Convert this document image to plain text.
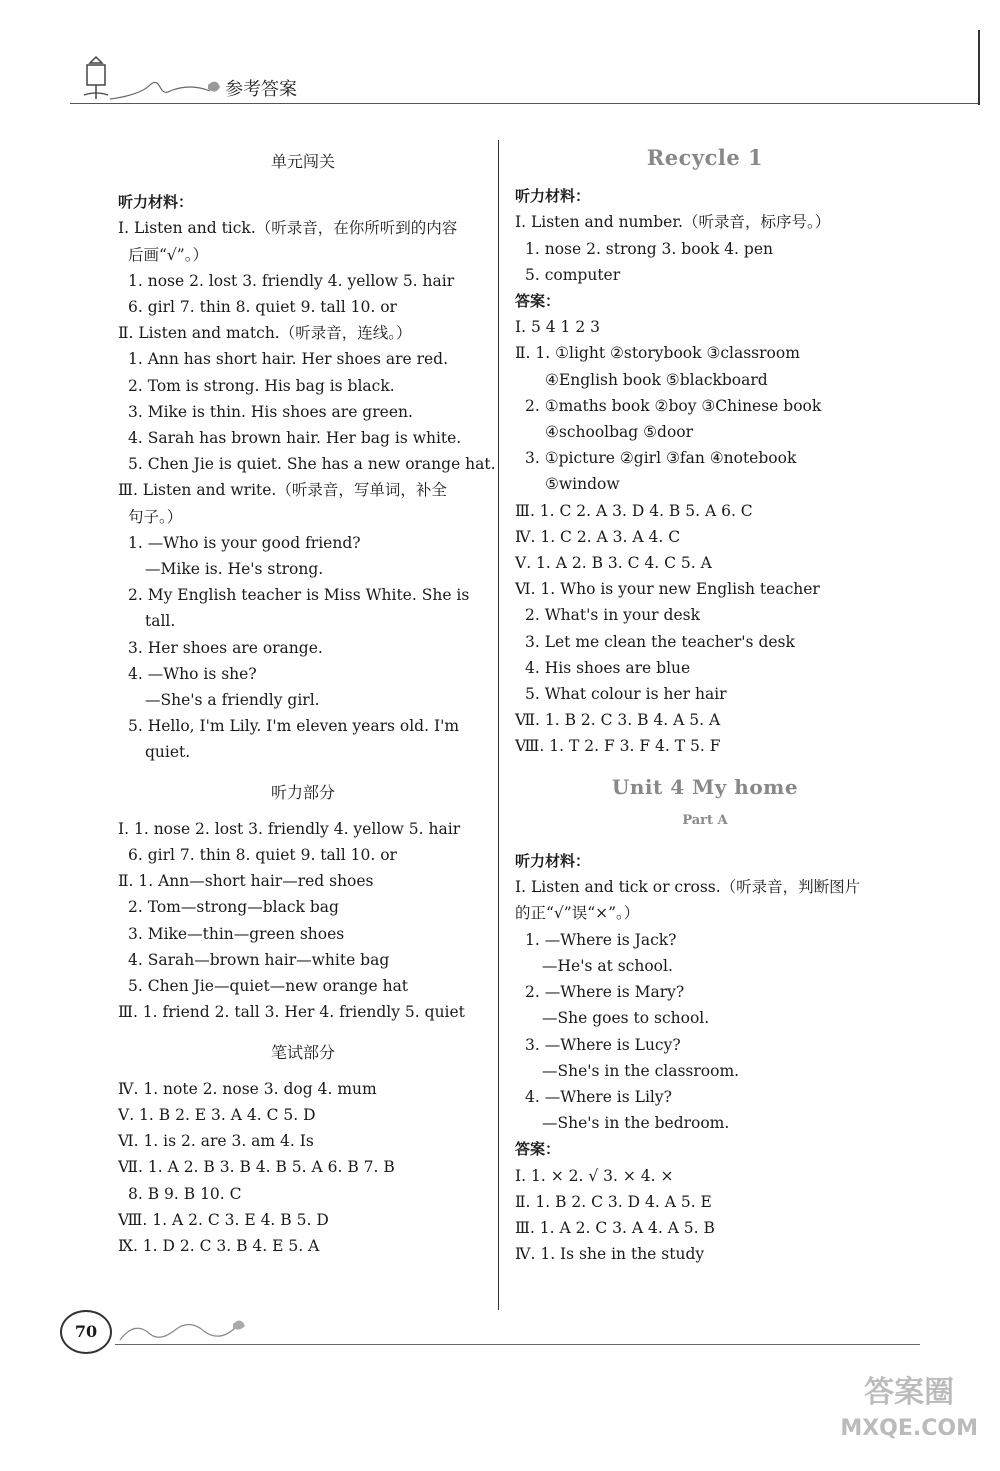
参考答案
单元闯关
听力材料：
Ⅰ. Listen and tick.（听录音，在你所听到的内容
后画“√”。）
1. nose 2. lost 3. friendly 4. yellow 5. hair
6. girl 7. thin 8. quiet 9. tall 10. or
Ⅱ. Listen and match.（听录音，连线。）
1. Ann has short hair. Her shoes are red.
2. Tom is strong. His bag is black.
3. Mike is thin. His shoes are green.
4. Sarah has brown hair. Her bag is white.
5. Chen Jie is quiet. She has a new orange hat.
Ⅲ. Listen and write.（听录音，写单词，补全
句子。）
1. —Who is your good friend?
—Mike is. He's strong.
2. My English teacher is Miss White. She is
tall.
3. Her shoes are orange.
4. —Who is she?
—She's a friendly girl.
5. Hello, I'm Lily. I'm eleven years old. I'm
quiet.
听力部分
Ⅰ. 1. nose 2. lost 3. friendly 4. yellow 5. hair
6. girl 7. thin 8. quiet 9. tall 10. or
Ⅱ. 1. Ann—short hair—red shoes
2. Tom—strong—black bag
3. Mike—thin—green shoes
4. Sarah—brown hair—white bag
5. Chen Jie—quiet—new orange hat
Ⅲ. 1. friend 2. tall 3. Her 4. friendly 5. quiet
笔试部分
Ⅳ. 1. note 2. nose 3. dog 4. mum
Ⅴ. 1. B 2. E 3. A 4. C 5. D
Ⅵ. 1. is 2. are 3. am 4. Is
Ⅶ. 1. A 2. B 3. B 4. B 5. A 6. B 7. B
8. B 9. B 10. C
Ⅷ. 1. A 2. C 3. E 4. B 5. D
Ⅸ. 1. D 2. C 3. B 4. E 5. A
Recycle 1
听力材料：
Ⅰ. Listen and number.（听录音，标序号。）
1. nose 2. strong 3. book 4. pen
5. computer
答案：
Ⅰ. 5 4 1 2 3
Ⅱ. 1. ①light ②storybook ③classroom
④English book ⑤blackboard
2. ①maths book ②boy ③Chinese book
④schoolbag ⑤door
3. ①picture ②girl ③fan ④notebook
⑤window
Ⅲ. 1. C 2. A 3. D 4. B 5. A 6. C
Ⅳ. 1. C 2. A 3. A 4. C
Ⅴ. 1. A 2. B 3. C 4. C 5. A
Ⅵ. 1. Who is your new English teacher
2. What's in your desk
3. Let me clean the teacher's desk
4. His shoes are blue
5. What colour is her hair
Ⅶ. 1. B 2. C 3. B 4. A 5. A
Ⅷ. 1. T 2. F 3. F 4. T 5. F
Unit 4 My home
Part A
听力材料：
Ⅰ. Listen and tick or cross.（听录音，判断图片
的正“√”误“×”。）
1. —Where is Jack?
—He's at school.
2. —Where is Mary?
—She goes to school.
3. —Where is Lucy?
—She's in the classroom.
4. —Where is Lily?
—She's in the bedroom.
答案：
Ⅰ. 1. × 2. √ 3. × 4. ×
Ⅱ. 1. B 2. C 3. D 4. A 5. E
Ⅲ. 1. A 2. C 3. A 4. A 5. B
Ⅳ. 1. Is she in the study
70
答案圈
MXQE.COM
